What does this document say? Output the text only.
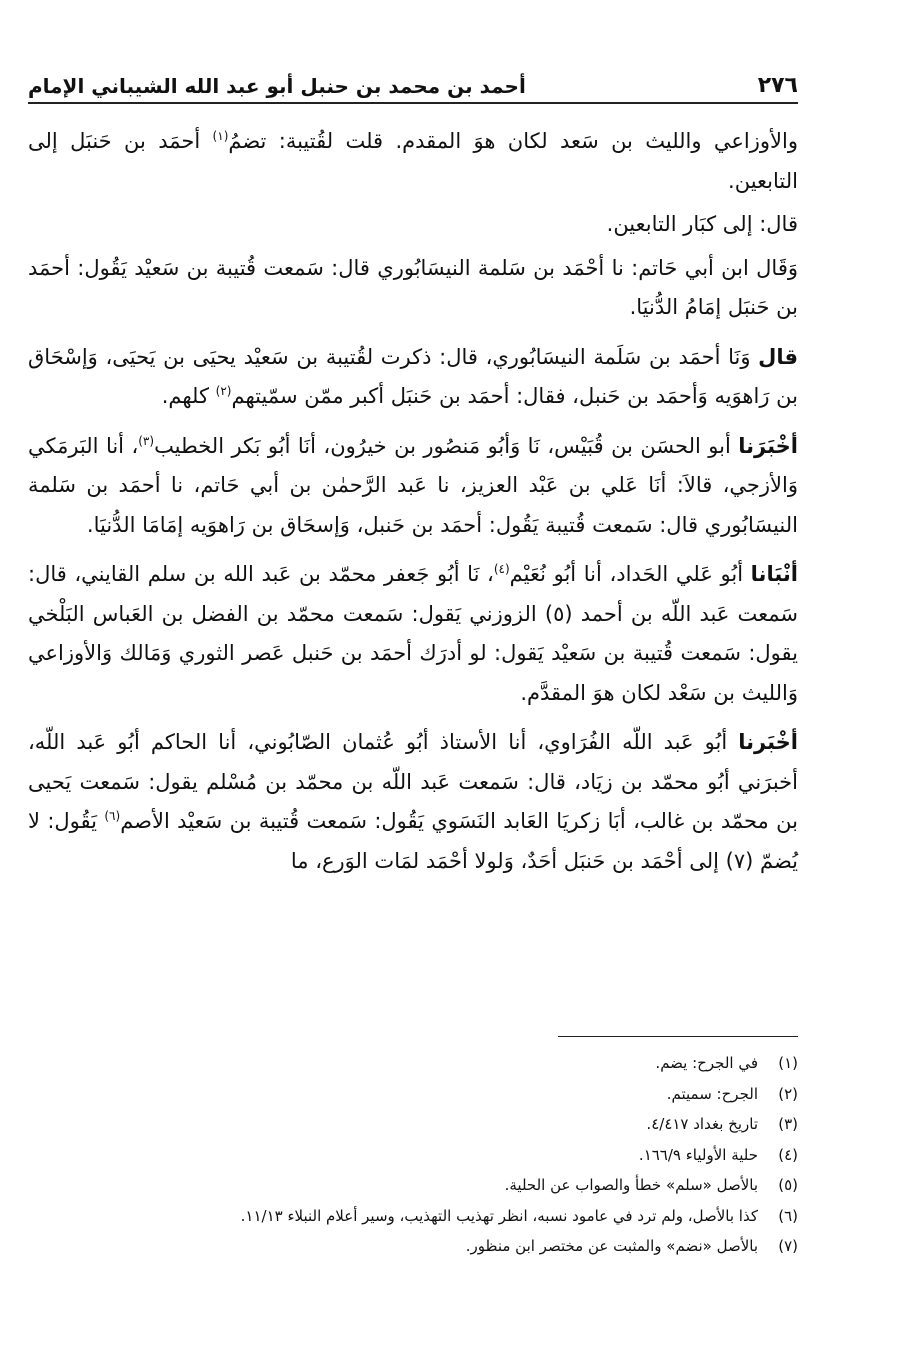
٢٧٦
أحمد بن محمد بن حنبل أبو عبد الله الشيباني الإمام

والأوزاعي والليث بن سَعد لكان هوَ المقدم. قلت لقُتيبة: تضمُ$^{(١)}$ أحمَد بن حَنبَل إلى التابعين.

قال: إلى كبَار التابعين.

وَقَال ابن أبي حَاتم: نا أحْمَد بن سَلمة النيسَابُوري قال: سَمعت قُتيبة بن سَعيْد يَقُول: أحمَد بن حَنبَل إمَامُ الدُّنيَا.

قال وَنَا أحمَد بن سَلَمة النيسَابُوري، قال: ذكرت لقُتيبة بن سَعيْد يحيَى بن يَحيَى، وَإسْحَاق بن رَاهوَيه وَأحمَد بن حَنبل، فقال: أحمَد بن حَنبَل أكبر ممّن سمّيتهم$^{(٢)}$ كلهم.

أخْبَرَنا أبو الحسَن بن قُبَيْس، نَا وَأبُو مَنصُور بن خيرُون، أنَا أبُو بَكر الخطيب$^{(٣)}$، أنا البَرمَكي وَالأزجي، قالاَ: أنَا عَلي بن عَبْد العزيز، نا عَبد الرَّحمٰن بن أبي حَاتم، نا أحمَد بن سَلمة النيسَابُوري قال: سَمعت قُتيبة يَقُول: أحمَد بن حَنبل، وَإسحَاق بن رَاهوَيه إمَامَا الدُّنيَا.

أنْبَانا أبُو عَلي الحَداد، أنا أبُو نُعَيْم$^{(٤)}$، نَا أبُو جَعفر محمّد بن عَبد الله بن سلم القايني، قال: سَمعت عَبد اللّه بن أحمد (٥) الزوزني يَقول: سَمعت محمّد بن الفضل بن العَباس البَلْخي يقول: سَمعت قُتيبة بن سَعيْد يَقول: لو أدرَك أحمَد بن حَنبل عَصر الثوري وَمَالك وَالأوزاعي وَالليث بن سَعْد لكان هوَ المقدَّم.

أخْبَرنا أبُو عَبد اللّه الفُرَاوي، أنا الأستاذ أبُو عُثمان الصّابُوني، أنا الحاكم أبُو عَبد اللّه، أخبرَني أبُو محمّد بن زيَاد، قال: سَمعت عَبد اللّه بن محمّد بن مُسْلم يقول: سَمعت يَحيى بن محمّد بن غالب، أبَا زكريَا العَابد النَسَوي يَقُول: سَمعت قُتيبة بن سَعيْد الأصم$^{(٦)}$ يَقُول: لا يُضمّ (٧) إلى أحْمَد بن حَنبَل أحَدٌ، وَلولا أحْمَد لمَات الوَرع، ما

(١)
في الجرح: يضم.
(٢)
الجرح: سميتم.
(٣)
تاريخ بغداد ٤/٤١٧.
(٤)
حلية الأولياء ١٦٦/٩.
(٥)
بالأصل «سلم» خطأ والصواب عن الحلية.
(٦)
كذا بالأصل، ولم ترد في عامود نسبه، انظر تهذيب التهذيب، وسير أعلام النبلاء ١١/١٣.
(٧)
بالأصل «نضم» والمثبت عن مختصر ابن منظور.
